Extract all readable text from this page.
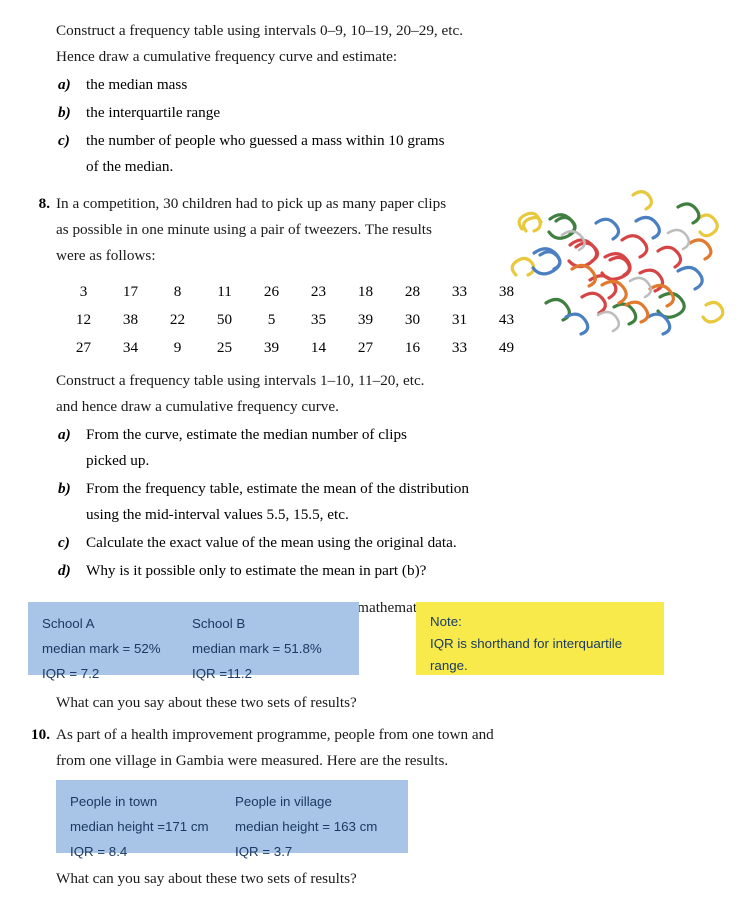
Construct a frequency table using intervals 0–9, 10–19, 20–29, etc.
Hence draw a cumulative frequency curve and estimate:
a) the median mass
b) the interquartile range
c) the number of people who guessed a mass within 10 grams
of the median.
8. In a competition, 30 children had to pick up as many paper clips
as possible in one minute using a pair of tweezers. The results
were as follows:
3	17	8	11	26	23	18	28	33	38
12	38	22	50	5	35	39	30	31	43
27	34	9	25	39	14	27	16	33	49
Construct a frequency table using intervals 1–10, 11–20, etc.
and hence draw a cumulative frequency curve.
a) From the curve, estimate the median number of clips
picked up.
b) From the frequency table, estimate the mean of the distribution
using the mid-interval values 5.5, 15.5, etc.
c) Calculate the exact value of the mean using the original data.
d) Why is it possible only to estimate the mean in part (b)?
mathematics
School A	School B
median mark = 52%	median mark = 51.8%
IQR = 7.2	IQR =11.2
Note:
IQR is shorthand for interquartile
range.
What can you say about these two sets of results?
10. As part of a health improvement programme, people from one town and
from one village in Gambia were measured. Here are the results.
People in town	People in village
median height =171 cm	median height = 163 cm
IQR = 8.4	IQR = 3.7
What can you say about these two sets of results?
